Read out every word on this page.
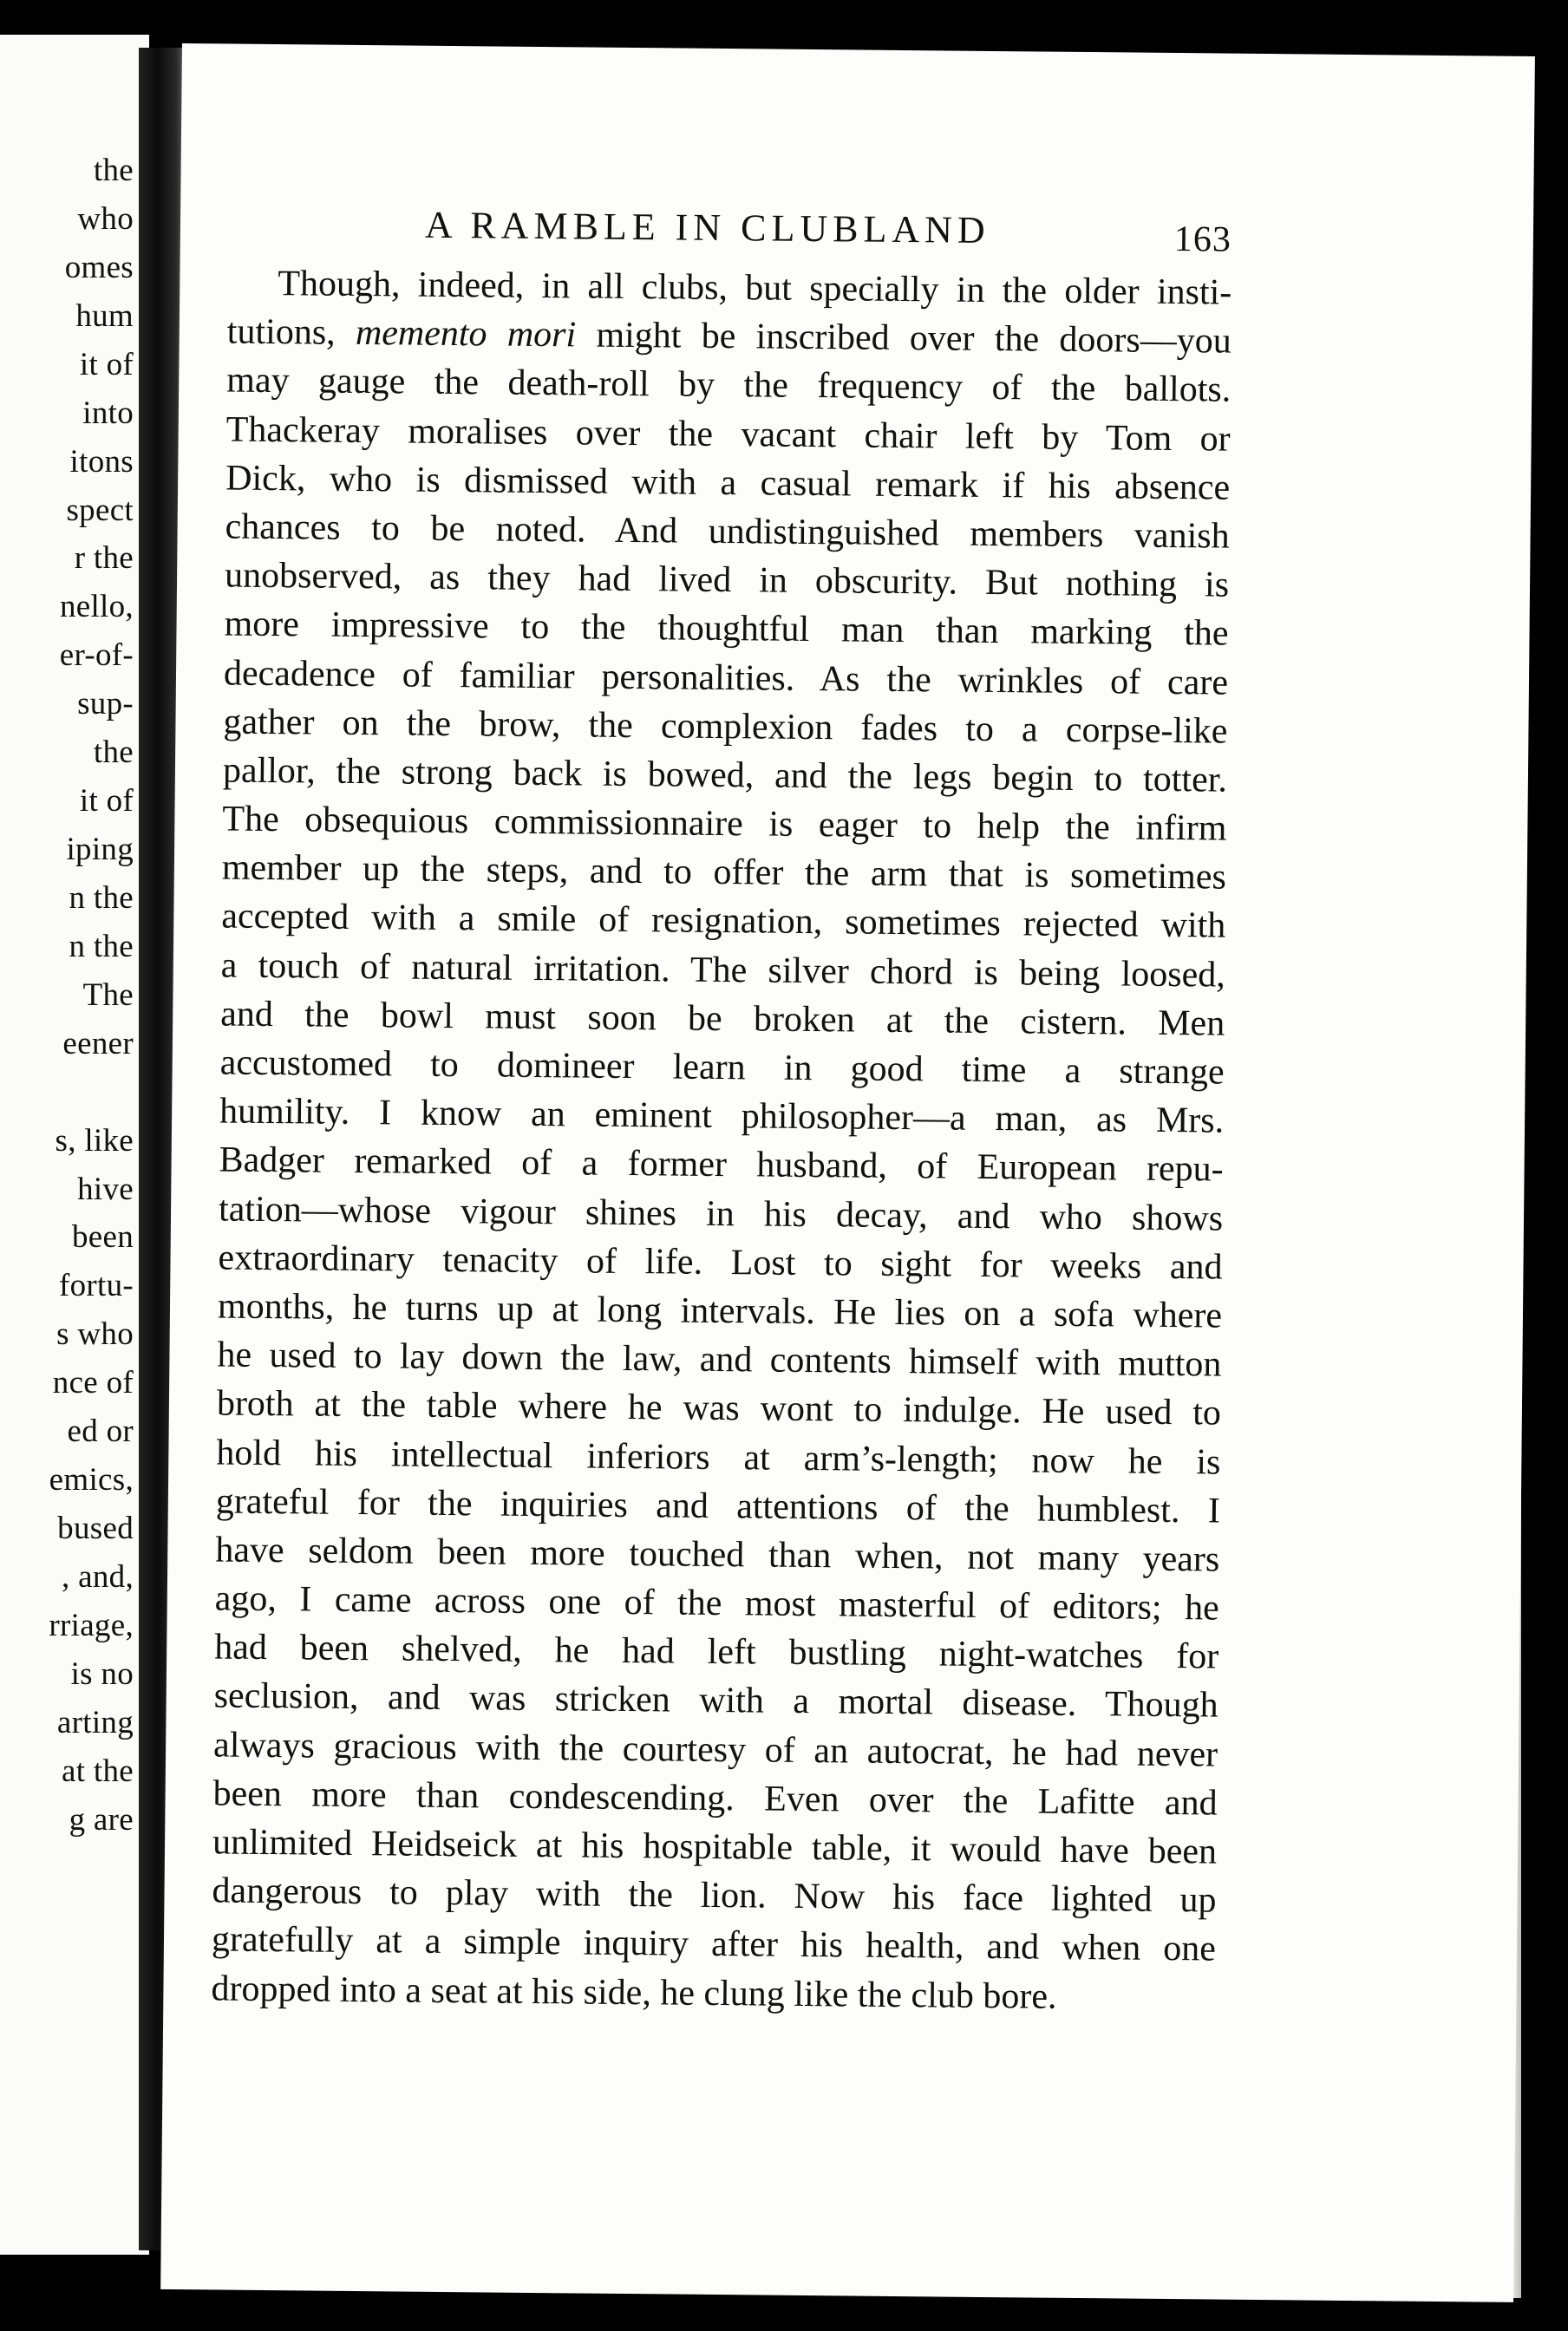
the
who
omes
hum
it of
into
itons
spect
r the
nello,
er-of-
sup-
the
it of
iping
n the
n the
The
eener
s, like
hive
been
fortu-
s who
nce of
ed or
emics,
bused
, and,
rriage,
is no
arting
at the
g are
A RAMBLE IN CLUBLAND	163
Though, indeed, in all clubs, but specially in the older insti-
tutions, memento mori might be inscribed over the doors—you
may gauge the death-roll by the frequency of the ballots.
Thackeray moralises over the vacant chair left by Tom or
Dick, who is dismissed with a casual remark if his absence
chances to be noted. And undistinguished members vanish
unobserved, as they had lived in obscurity. But nothing is
more impressive to the thoughtful man than marking the
decadence of familiar personalities. As the wrinkles of care
gather on the brow, the complexion fades to a corpse-like
pallor, the strong back is bowed, and the legs begin to totter.
The obsequious commissionnaire is eager to help the infirm
member up the steps, and to offer the arm that is sometimes
accepted with a smile of resignation, sometimes rejected with
a touch of natural irritation. The silver chord is being loosed,
and the bowl must soon be broken at the cistern. Men
accustomed to domineer learn in good time a strange
humility. I know an eminent philosopher—a man, as Mrs.
Badger remarked of a former husband, of European repu-
tation—whose vigour shines in his decay, and who shows
extraordinary tenacity of life. Lost to sight for weeks and
months, he turns up at long intervals. He lies on a sofa where
he used to lay down the law, and contents himself with mutton
broth at the table where he was wont to indulge. He used to
hold his intellectual inferiors at arm’s-length; now he is
grateful for the inquiries and attentions of the humblest. I
have seldom been more touched than when, not many years
ago, I came across one of the most masterful of editors; he
had been shelved, he had left bustling night-watches for
seclusion, and was stricken with a mortal disease. Though
always gracious with the courtesy of an autocrat, he had never
been more than condescending. Even over the Lafitte and
unlimited Heidseick at his hospitable table, it would have been
dangerous to play with the lion. Now his face lighted up
gratefully at a simple inquiry after his health, and when one
dropped into a seat at his side, he clung like the club bore.
